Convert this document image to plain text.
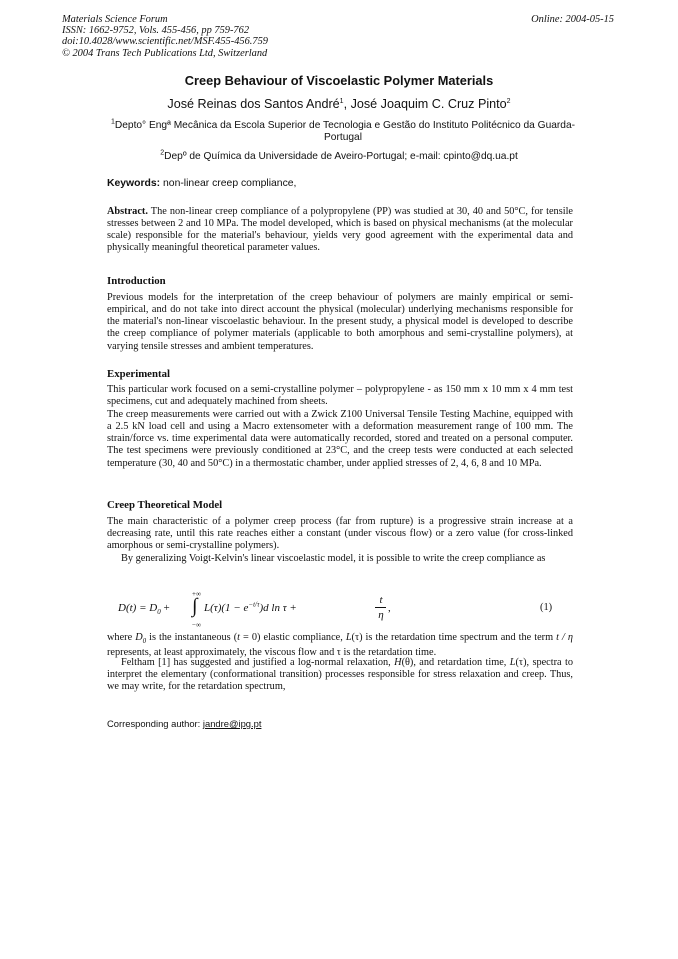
Materials Science Forum
ISSN: 1662-9752, Vols. 455-456, pp 759-762
doi:10.4028/www.scientific.net/MSF.455-456.759
© 2004 Trans Tech Publications Ltd, Switzerland
Online: 2004-05-15
Creep Behaviour of Viscoelastic Polymer Materials
José Reinas dos Santos André$^1$, José Joaquim C. Cruz Pinto$^2$
$^1$Depto° Engª Mecânica da Escola Superior de Tecnologia e Gestão do Instituto Politécnico da Guarda-Portugal
$^2$Depº de Química da Universidade de Aveiro-Portugal; e-mail: cpinto@dq.ua.pt
Keywords: non-linear creep compliance,
Abstract. The non-linear creep compliance of a polypropylene (PP) was studied at 30, 40 and 50°C, for tensile stresses between 2 and 10 MPa. The model developed, which is based on physical mechanisms (at the molecular scale) responsible for the material's behaviour, yields very good agreement with the experimental data and physically meaningful theoretical parameter values.
Introduction
Previous models for the interpretation of the creep behaviour of polymers are mainly empirical or semi-empirical, and do not take into direct account the physical (molecular) underlying mechanisms responsible for the material's non-linear viscoelastic behaviour. In the present study, a physical model is developed to describe the creep compliance of polymer materials (applicable to both amorphous and semi-crystalline polymers), at varying tensile stresses and ambient temperatures.
Experimental
This particular work focused on a semi-crystalline polymer – polypropylene - as 150 mm x 10 mm x 4 mm test specimens, cut and adequately machined from sheets.
The creep measurements were carried out with a Zwick Z100 Universal Tensile Testing Machine, equipped with a 2.5 kN load cell and using a Macro extensometer with a deformation measurement range of 100 mm. The strain/force vs. time experimental data were automatically recorded, stored and treated on a personal computer. The test specimens were previously conditioned at 23°C, and the creep tests were conducted at each selected temperature (30, 40 and 50°C) in a thermostatic chamber, under applied stresses of 2, 4, 6, 8 and 10 MPa.
Creep Theoretical Model
The main characteristic of a polymer creep process (far from rupture) is a progressive strain increase at a decreasing rate, until this rate reaches either a constant (under viscous flow) or a zero value (for cross-linked amorphous or semi-crystalline polymers).
By generalizing Voigt-Kelvin's linear viscoelastic model, it is possible to write the creep compliance as
$D(t) = D_0$ +
+∞
∫
−∞
$L(\tau)(1 - e^{-t/\tau})d$ ln τ +
t
η
,	(1)
where $D_0$ is the instantaneous (t = 0) elastic compliance, L(τ) is the retardation time spectrum and the term t / η represents, at least approximately, the viscous flow and τ is the retardation time.
Feltham [1] has suggested and justified a log-normal relaxation, H(θ), and retardation time, L(τ), spectra to interpret the elementary (conformational transition) processes responsible for stress relaxation and creep. Thus, we may write, for the retardation spectrum,
Corresponding author: jandre@ipg.pt
